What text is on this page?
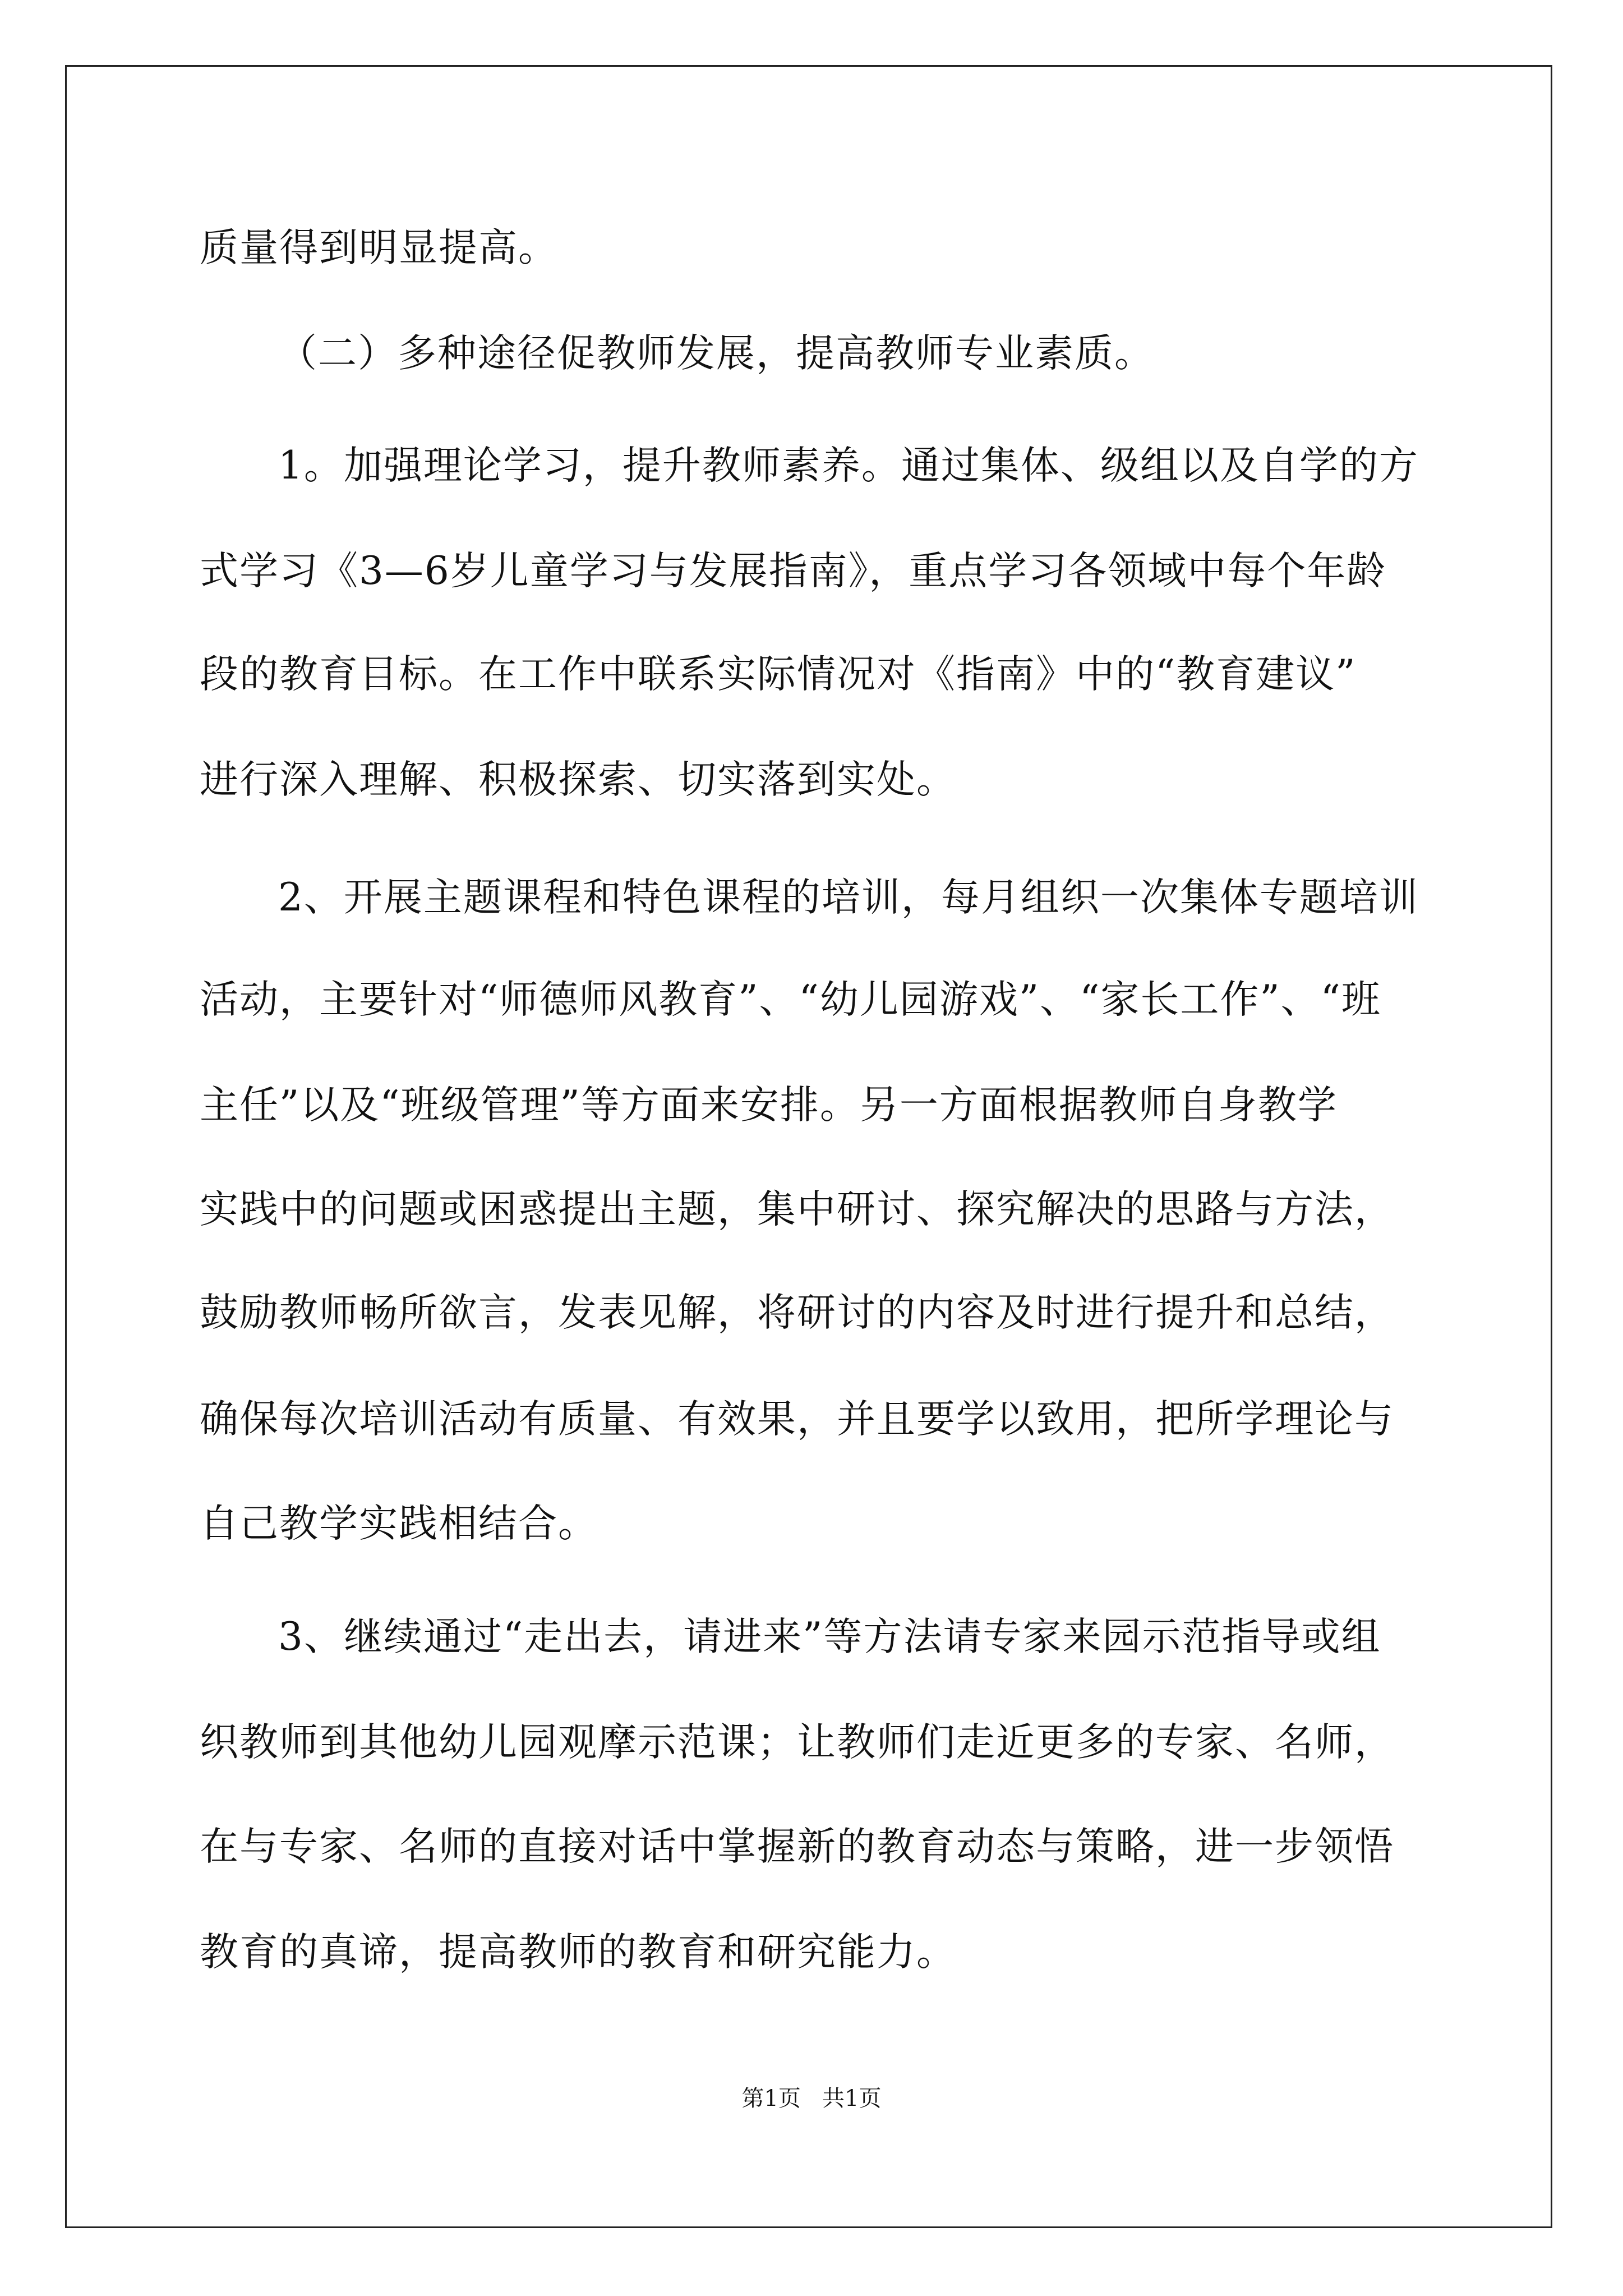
质量得到明显提高。
（二）多种途径促教师发展，提高教师专业素质。
1。加强理论学习，提升教师素养。通过集体、级组以及自学的方
式学习《3—6岁儿童学习与发展指南》，重点学习各领域中每个年龄
段的教育目标。在工作中联系实际情况对《指南》中的“教育建议”
进行深入理解、积极探索、切实落到实处。
2、开展主题课程和特色课程的培训，每月组织一次集体专题培训
活动，主要针对“师德师风教育”、“幼儿园游戏”、“家长工作”、“班
主任”以及“班级管理”等方面来安排。另一方面根据教师自身教学
实践中的问题或困惑提出主题，集中研讨、探究解决的思路与方法，
鼓励教师畅所欲言，发表见解，将研讨的内容及时进行提升和总结，
确保每次培训活动有质量、有效果，并且要学以致用，把所学理论与
自己教学实践相结合。
3、继续通过“走出去，请进来”等方法请专家来园示范指导或组
织教师到其他幼儿园观摩示范课；让教师们走近更多的专家、名师，
在与专家、名师的直接对话中掌握新的教育动态与策略，进一步领悟
教育的真谛，提高教师的教育和研究能力。
第1页   共1页
